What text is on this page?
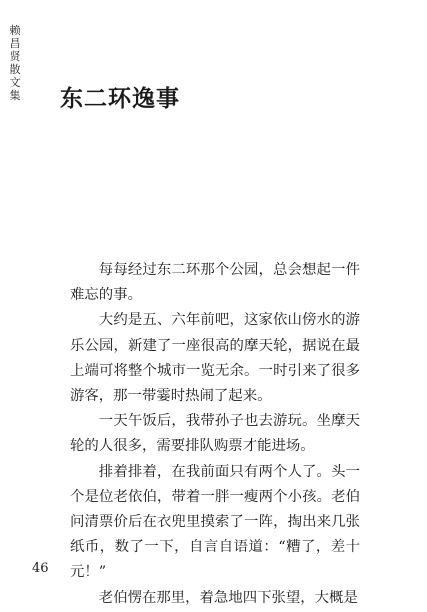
赖
昌
贤
散
文
集 东二环逸事

每每经过东二环那个公园，总会想起一件难忘的事。

大约是五、六年前吧，这家依山傍水的游乐公园，新建了一座很高的摩天轮，据说在最上端可将整个城市一览无余。一时引来了很多游客，那一带霎时热闹了起来。

一天午饭后，我带孙子也去游玩。坐摩天轮的人很多，需要排队购票才能进场。

排着排着，在我前面只有两个人了。头一个是位老依伯，带着一胖一瘦两个小孩。老伯问清票价后在衣兜里摸索了一阵，掏出来几张纸币，数了一下，自言自语道：“糟了，差十元！”

老伯愣在那里，着急地四下张望，大概是

46
